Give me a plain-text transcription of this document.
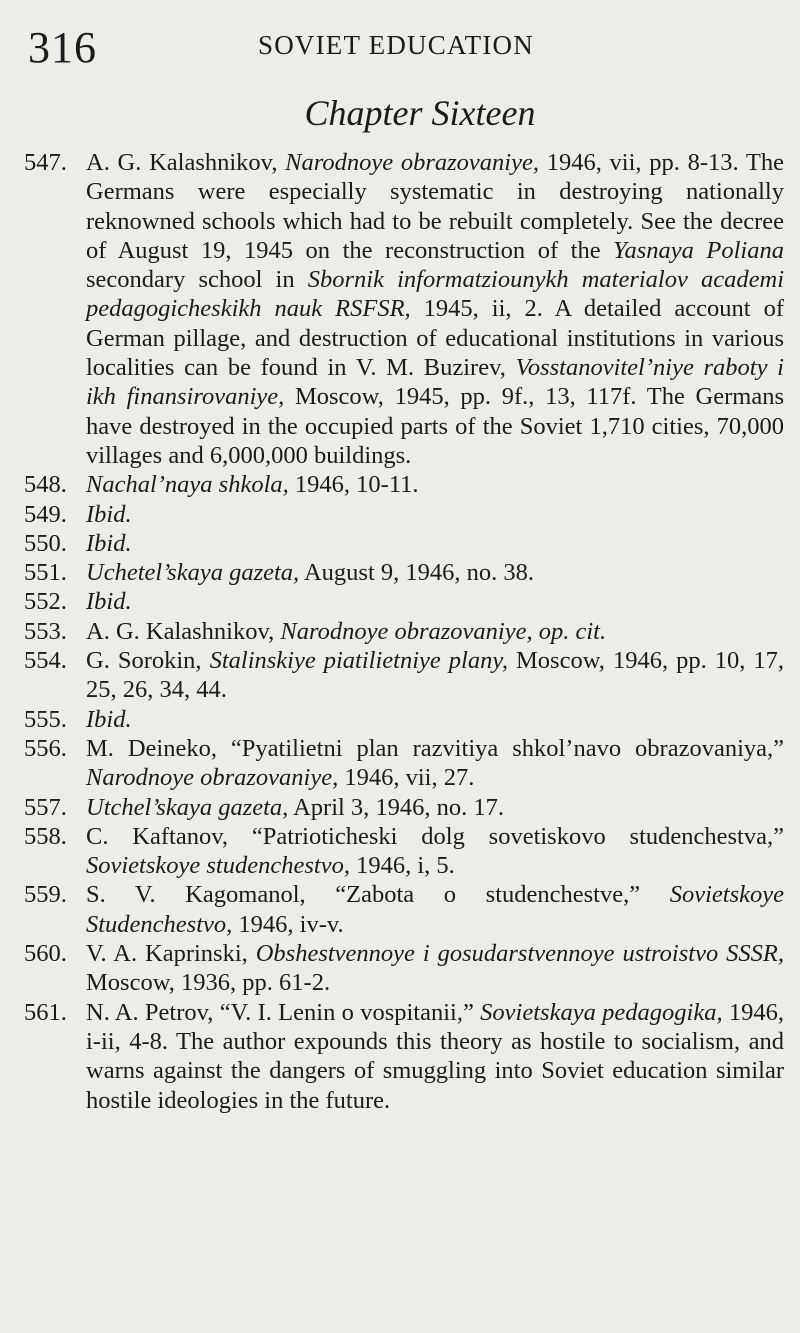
316	SOVIET EDUCATION
Chapter Sixteen
547. A. G. Kalashnikov, Narodnoye obrazovaniye, 1946, vii, pp. 8-13. The Germans were especially systematic in destroying nationally reknowned schools which had to be rebuilt completely. See the decree of August 19, 1945 on the reconstruction of the Yasnaya Poliana secondary school in Sbornik informatziounykh materialov academi pedagogicheskikh nauk RSFSR, 1945, ii, 2. A detailed account of German pillage, and destruction of educational institutions in various localities can be found in V. M. Buzirev, Vosstanovitel’niye raboty i ikh finansirovaniye, Moscow, 1945, pp. 9f., 13, 117f. The Germans have destroyed in the occupied parts of the Soviet 1,710 cities, 70,000 villages and 6,000,000 buildings.
548. Nachal’naya shkola, 1946, 10-11.
549. Ibid.
550. Ibid.
551. Uchetel’skaya gazeta, August 9, 1946, no. 38.
552. Ibid.
553. A. G. Kalashnikov, Narodnoye obrazovaniye, op. cit.
554. G. Sorokin, Stalinskiye piatilietniye plany, Moscow, 1946, pp. 10, 17, 25, 26, 34, 44.
555. Ibid.
556. M. Deineko, “Pyatilietni plan razvitiya shkol’navo obrazovaniya,” Narodnoye obrazovaniye, 1946, vii, 27.
557. Utchel’skaya gazeta, April 3, 1946, no. 17.
558. C. Kaftanov, “Patrioticheski dolg sovetiskovo studenchestva,” Sovietskoye studenchestvo, 1946, i, 5.
559. S. V. Kagomanol, “Zabota o studenchestve,” Sovietskoye Studenchestvo, 1946, iv-v.
560. V. A. Kaprinski, Obshestvennoye i gosudarstvennoye ustroistvo SSSR, Moscow, 1936, pp. 61-2.
561. N. A. Petrov, “V. I. Lenin o vospitanii,” Sovietskaya pedagogika, 1946, i-ii, 4-8. The author expounds this theory as hostile to socialism, and warns against the dangers of smuggling into Soviet education similar hostile ideologies in the future.
